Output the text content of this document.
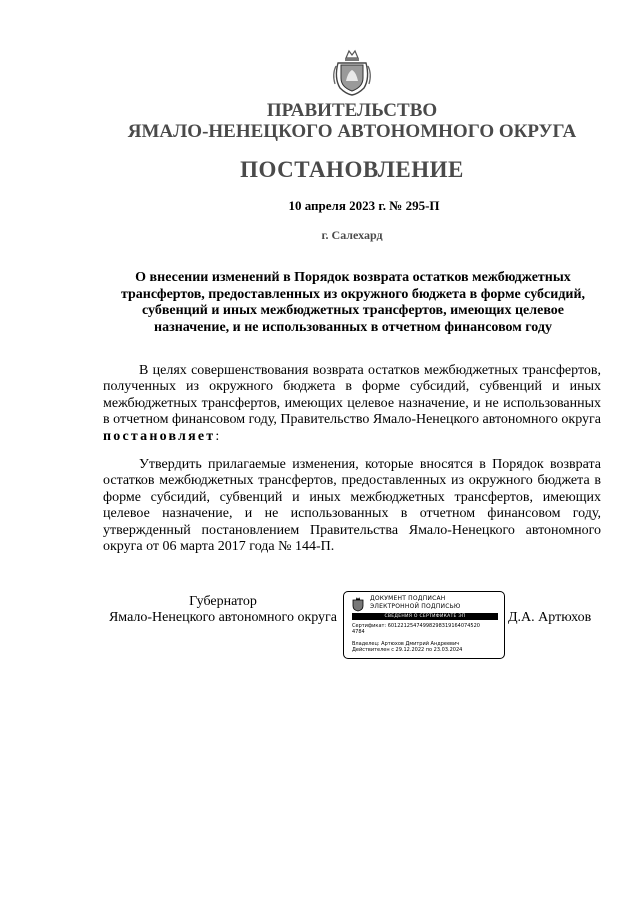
ПРАВИТЕЛЬСТВО
ЯМАЛО-НЕНЕЦКОГО АВТОНОМНОГО ОКРУГА
ПОСТАНОВЛЕНИЕ
10 апреля 2023 г. № 295-П
г. Салехард
О внесении изменений в Порядок возврата остатков межбюджетных трансфертов, предоставленных из окружного бюджета в форме субсидий, субвенций и иных межбюджетных трансфертов, имеющих целевое назначение, и не использованных в отчетном финансовом году
В целях совершенствования возврата остатков межбюджетных трансфертов, полученных из окружного бюджета в форме субсидий, субвенций и иных межбюджетных трансфертов, имеющих целевое назначение, и не использованных в отчетном финансовом году, Правительство Ямало-Ненецкого автономного округа постановляет:
Утвердить прилагаемые изменения, которые вносятся в Порядок возврата остатков межбюджетных трансфертов, предоставленных из окружного бюджета в форме субсидий, субвенций и иных межбюджетных трансфертов, имеющих целевое назначение, и не использованных в отчетном финансовом году, утвержденный постановлением Правительства Ямало-Ненецкого автономного округа от 06 марта 2017 года № 144-П.
Губернатор
Ямало-Ненецкого автономного округа
ДОКУМЕНТ ПОДПИСАН
ЭЛЕКТРОННОЙ ПОДПИСЬЮ
СВЕДЕНИЯ О СЕРТИФИКАТЕ ЭП
Сертификат: 60122125474998298319164074520
4784
Владелец: Артюхов Дмитрий Андреевич
Действителен с 29.12.2022 по 23.03.2024
Д.А. Артюхов
